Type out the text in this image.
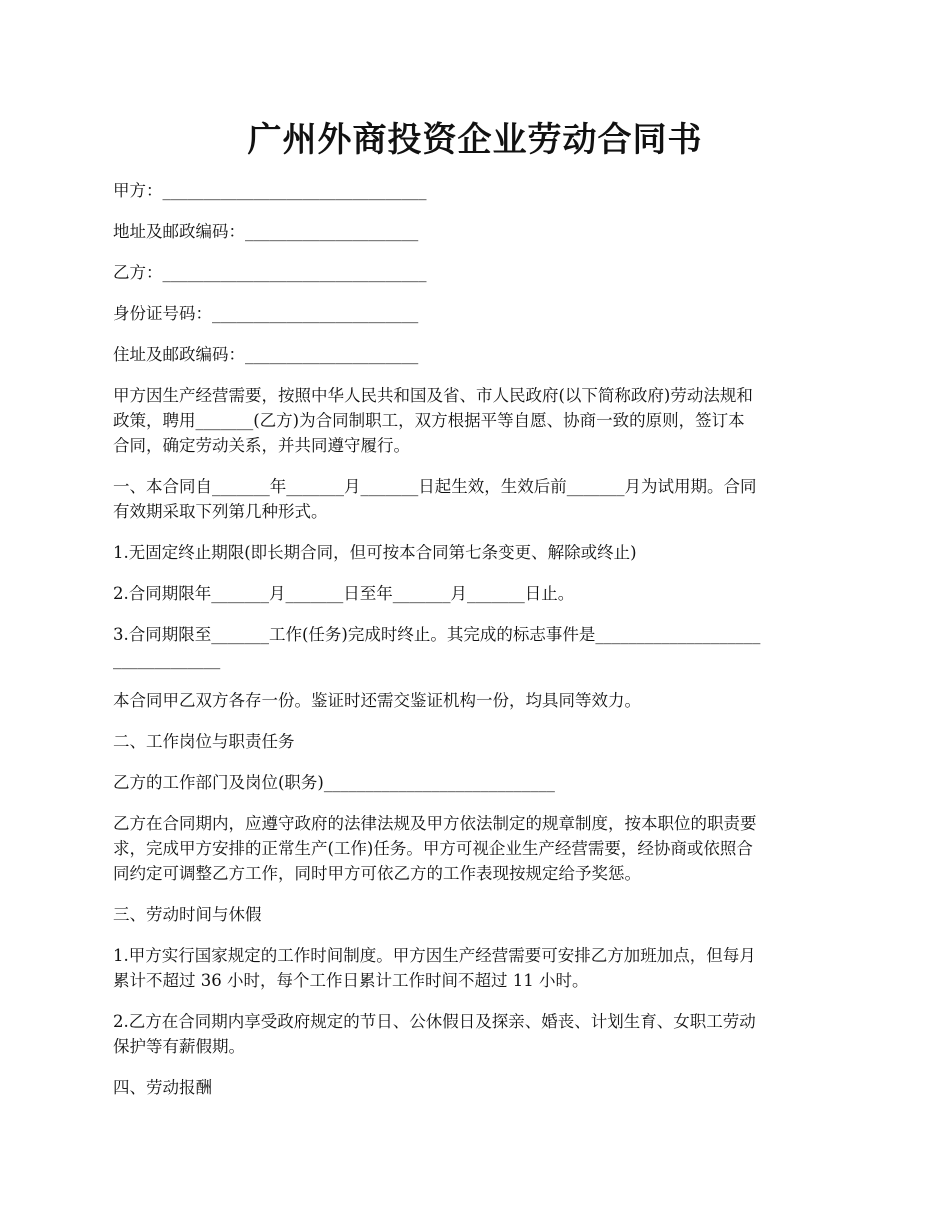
广州外商投资企业劳动合同书

甲方：________________________________

地址及邮政编码：_____________________

乙方：________________________________

身份证号码：_________________________

住址及邮政编码：_____________________

甲方因生产经营需要，按照中华人民共和国及省、市人民政府(以下简称政府)劳动法规和
政策，聘用_______(乙方)为合同制职工，双方根据平等自愿、协商一致的原则，签订本
合同，确定劳动关系，并共同遵守履行。

一、本合同自_______年_______月_______日起生效，生效后前_______月为试用期。合同
有效期采取下列第几种形式。

1.无固定终止期限(即长期合同，但可按本合同第七条变更、解除或终止)

2.合同期限年_______月_______日至年_______月_______日止。

3.合同期限至_______工作(任务)完成时终止。其完成的标志事件是____________________
_____________

本合同甲乙双方各存一份。鉴证时还需交鉴证机构一份，均具同等效力。

二、工作岗位与职责任务

乙方的工作部门及岗位(职务)____________________________

乙方在合同期内，应遵守政府的法律法规及甲方依法制定的规章制度，按本职位的职责要
求，完成甲方安排的正常生产(工作)任务。甲方可视企业生产经营需要，经协商或依照合
同约定可调整乙方工作，同时甲方可依乙方的工作表现按规定给予奖惩。

三、劳动时间与休假

1.甲方实行国家规定的工作时间制度。甲方因生产经营需要可安排乙方加班加点，但每月
累计不超过 36 小时，每个工作日累计工作时间不超过 11 小时。

2.乙方在合同期内享受政府规定的节日、公休假日及探亲、婚丧、计划生育、女职工劳动
保护等有薪假期。

四、劳动报酬
